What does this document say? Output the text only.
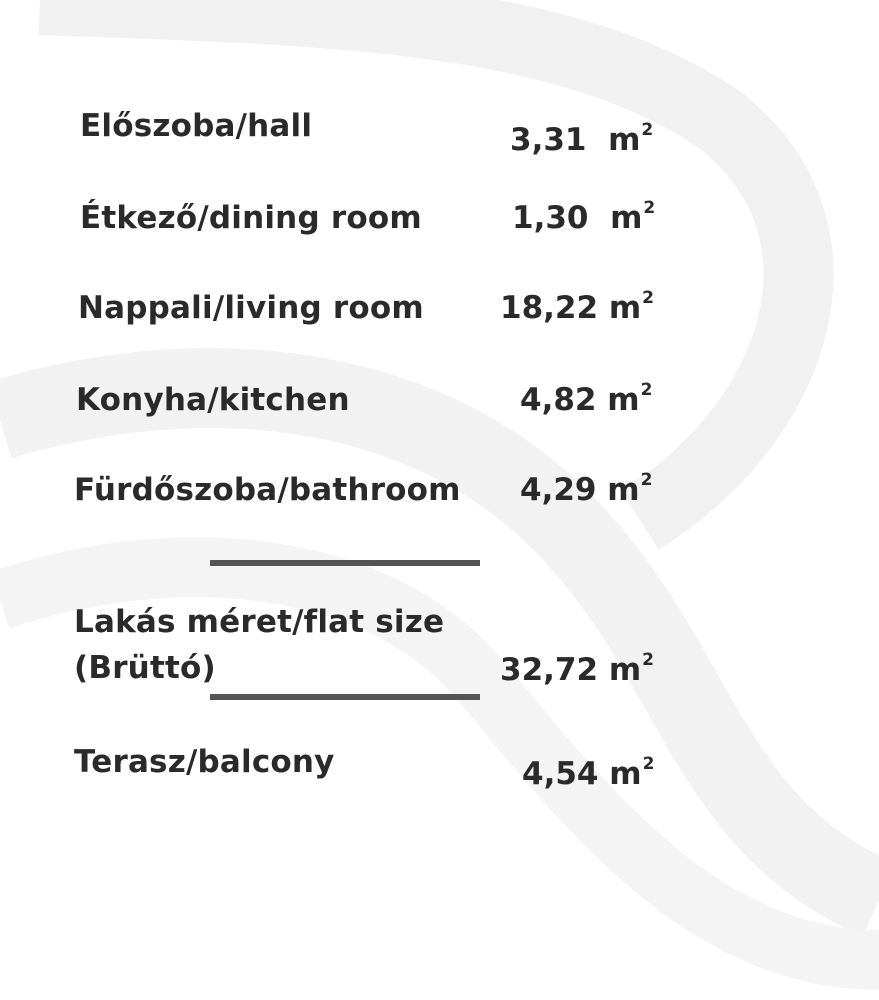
Előszoba/hall	3,31 $m^2$
Étkező/dining room	1,30 $m^2$
Nappali/living room 18,22 $m^2$
Konyha/kitchen	4,82 $m^2$
Fürdőszoba/bathroom 4,29 $m^2$
Lakás méret/flat size
(Brüttó)	32,72 $m^2$
Terasz/balcony	4,54 $m^2$
